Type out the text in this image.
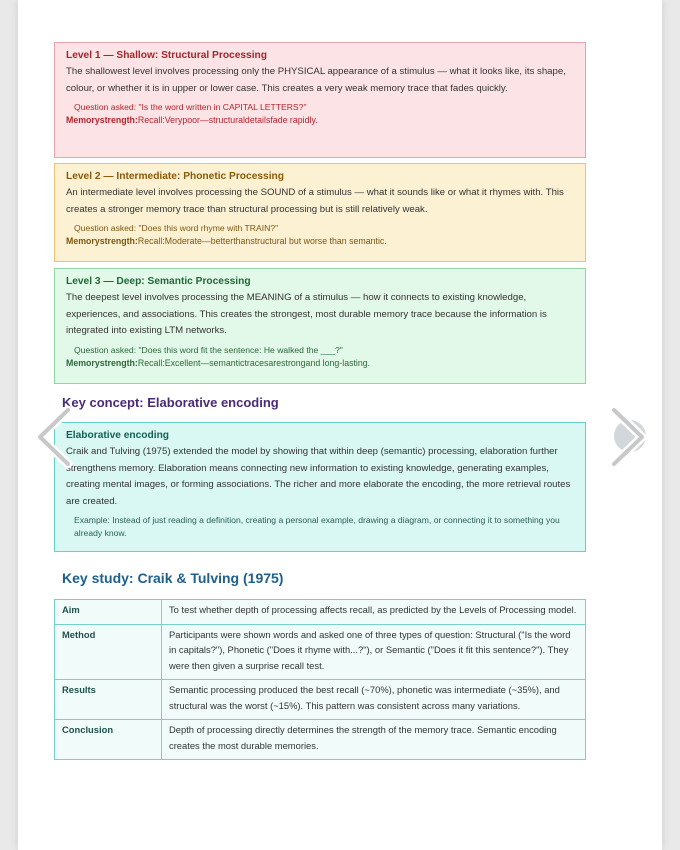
Level 1 — Shallow: Structural Processing

The shallowest level involves processing only the PHYSICAL appearance of a stimulus — what it looks like, its shape, colour, or whether it is in upper or lower case. This creates a very weak memory trace that fades quickly.

Question asked: "Is the word written in CAPITAL LETTERS?"
Memorystrength:Recall:Verypoor—structuraldetailsfade rapidly.
Level 2 — Intermediate: Phonetic Processing

An intermediate level involves processing the SOUND of a stimulus — what it sounds like or what it rhymes with. This creates a stronger memory trace than structural processing but is still relatively weak.

Question asked: "Does this word rhyme with TRAIN?"
Memorystrength:Recall:Moderate—betterthanstructural but worse than semantic.
Level 3 — Deep: Semantic Processing

The deepest level involves processing the MEANING of a stimulus — how it connects to existing knowledge, experiences, and associations. This creates the strongest, most durable memory trace because the information is integrated into existing LTM networks.

Question asked: "Does this word fit the sentence: He walked the ___?"
Memorystrength:Recall:Excellent—semantictracesarestrongand long-lasting.
Key concept: Elaborative encoding
Elaborative encoding

Craik and Tulving (1975) extended the model by showing that within deep (semantic) processing, elaboration further strengthens memory. Elaboration means connecting new information to existing knowledge, generating examples, creating mental images, or forming associations. The richer and more elaborate the encoding, the more retrieval routes are created.

Example: Instead of just reading a definition, creating a personal example, drawing a diagram, or connecting it to something you already know.
Key study: Craik & Tulving (1975)
Aim	To test whether depth of processing affects recall, as predicted by the Levels of Processing model.
Method	Participants were shown words and asked one of three types of question: Structural ("Is the word in capitals?"), Phonetic ("Does it rhyme with...?"), or Semantic ("Does it fit this sentence?"). They were then given a surprise recall test.
Results	Semantic processing produced the best recall (~70%), phonetic was intermediate (~35%), and structural was the worst (~15%). This pattern was consistent across many variations.
Conclusion	Depth of processing directly determines the strength of the memory trace. Semantic encoding creates the most durable memories.
